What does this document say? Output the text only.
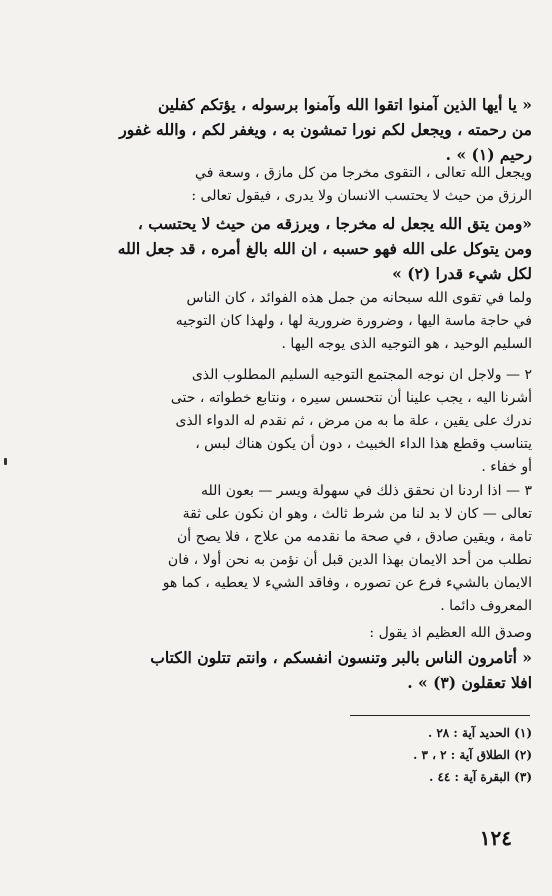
« يا أيها الذين آمنوا اتقوا الله وآمنوا برسوله ، يؤتكم كفلين
من رحمته ، ويجعل لكم نورا تمشون به ، ويغفر لكم ، والله غفور
رحيم (١) » .
ويجعل الله تعالى ، التقوى مخرجا من كل مازق ، وسعة في
الرزق من حيث لا يحتسب الانسان ولا يدرى ، فيقول تعالى :
«ومن يتق الله يجعل له مخرجا ، ويرزقه من حيث لا يحتسب ،
ومن يتوكل على الله فهو حسبه ، ان الله بالغ أمره ، قد جعل الله
لكل شيء قدرا (٢) »
ولما في تقوى الله سبحانه من جمل هذه الفوائد ، كان الناس
في حاجة ماسة اليها ، وضرورة ضرورية لها ، ولهذا كان التوجيه
السليم الوحيد ، هو التوجيه الذى يوجه اليها .
٢ — ولاجل ان نوجه المجتمع التوجيه السليم المطلوب الذى
أشرنا اليه ، يجب علينا أن نتحسس سيره ، ونتابع خطواته ، حتى
ندرك على يقين ، علة ما به من مرض ، ثم نقدم له الدواء الذى
يتناسب وقطع هذا الداء الخبيث ، دون أن يكون هناك لبس ،
أو خفاء .
٣ — اذا اردنا ان نحقق ذلك في سهولة ويسر — بعون الله
تعالى — كان لا بد لنا من شرط ثالث ، وهو ان نكون على ثقة
تامة ، ويقين صادق ، في صحة ما نقدمه من علاج ، فلا يصح أن
نطلب من أحد الايمان بهذا الدين قبل أن نؤمن به نحن أولا ، فان
الايمان بالشيء فرع عن تصوره ، وفاقد الشيء لا يعطيه ، كما هو
المعروف دائما .
وصدق الله العظيم اذ يقول :
« أتامرون الناس بالبر وتنسون انفسكم ، وانتم تتلون الكتاب
افلا تعقلون (٣) » .
(١) الحديد آية : ٢٨ .
(٢) الطلاق آية : ٢ ، ٣ .
(٣) البقرة آية : ٤٤ .
١٢٤
